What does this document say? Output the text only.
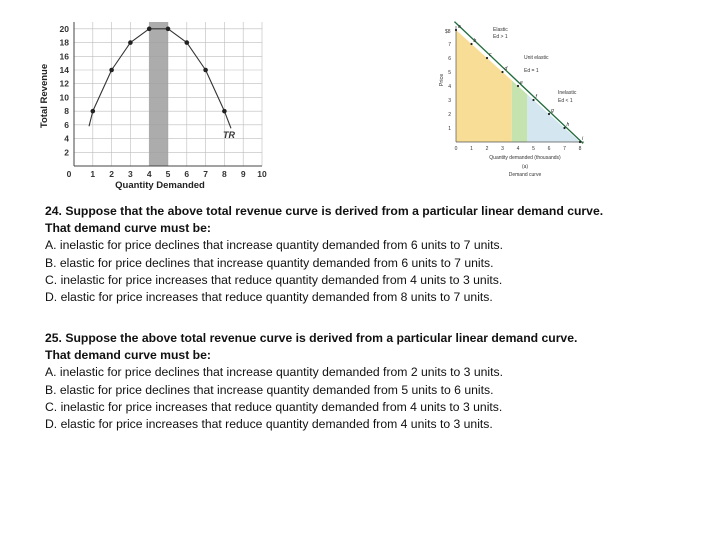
2
4
6
8
10
12
14
16
18
20
0 1 2 3 4 5 6 7 8 9 10
TR
Quantity Demanded
Total Revenue
1
2
3
4
5
6
7
0	1	2	3	4	5	6	7	8
a
b
c
d
e
f
g
h
i
$8
Price
Elastic
Ed > 1
Unit elastic
Ed = 1
Inelastic
Ed < 1
Quantity demanded (thousands)
(a)
Demand curve
24. Suppose that the above total revenue curve is derived from a particular linear demand curve.
That demand curve must be:
A. inelastic for price declines that increase quantity demanded from 6 units to 7 units.
B. elastic for price declines that increase quantity demanded from 6 units to 7 units.
C. inelastic for price increases that reduce quantity demanded from 4 units to 3 units.
D. elastic for price increases that reduce quantity demanded from 8 units to 7 units.
25. Suppose the above total revenue curve is derived from a particular linear demand curve.
That demand curve must be:
A. inelastic for price declines that increase quantity demanded from 2 units to 3 units.
B. elastic for price declines that increase quantity demanded from 5 units to 6 units.
C. inelastic for price increases that reduce quantity demanded from 4 units to 3 units.
D. elastic for price increases that reduce quantity demanded from 4 units to 3 units.
